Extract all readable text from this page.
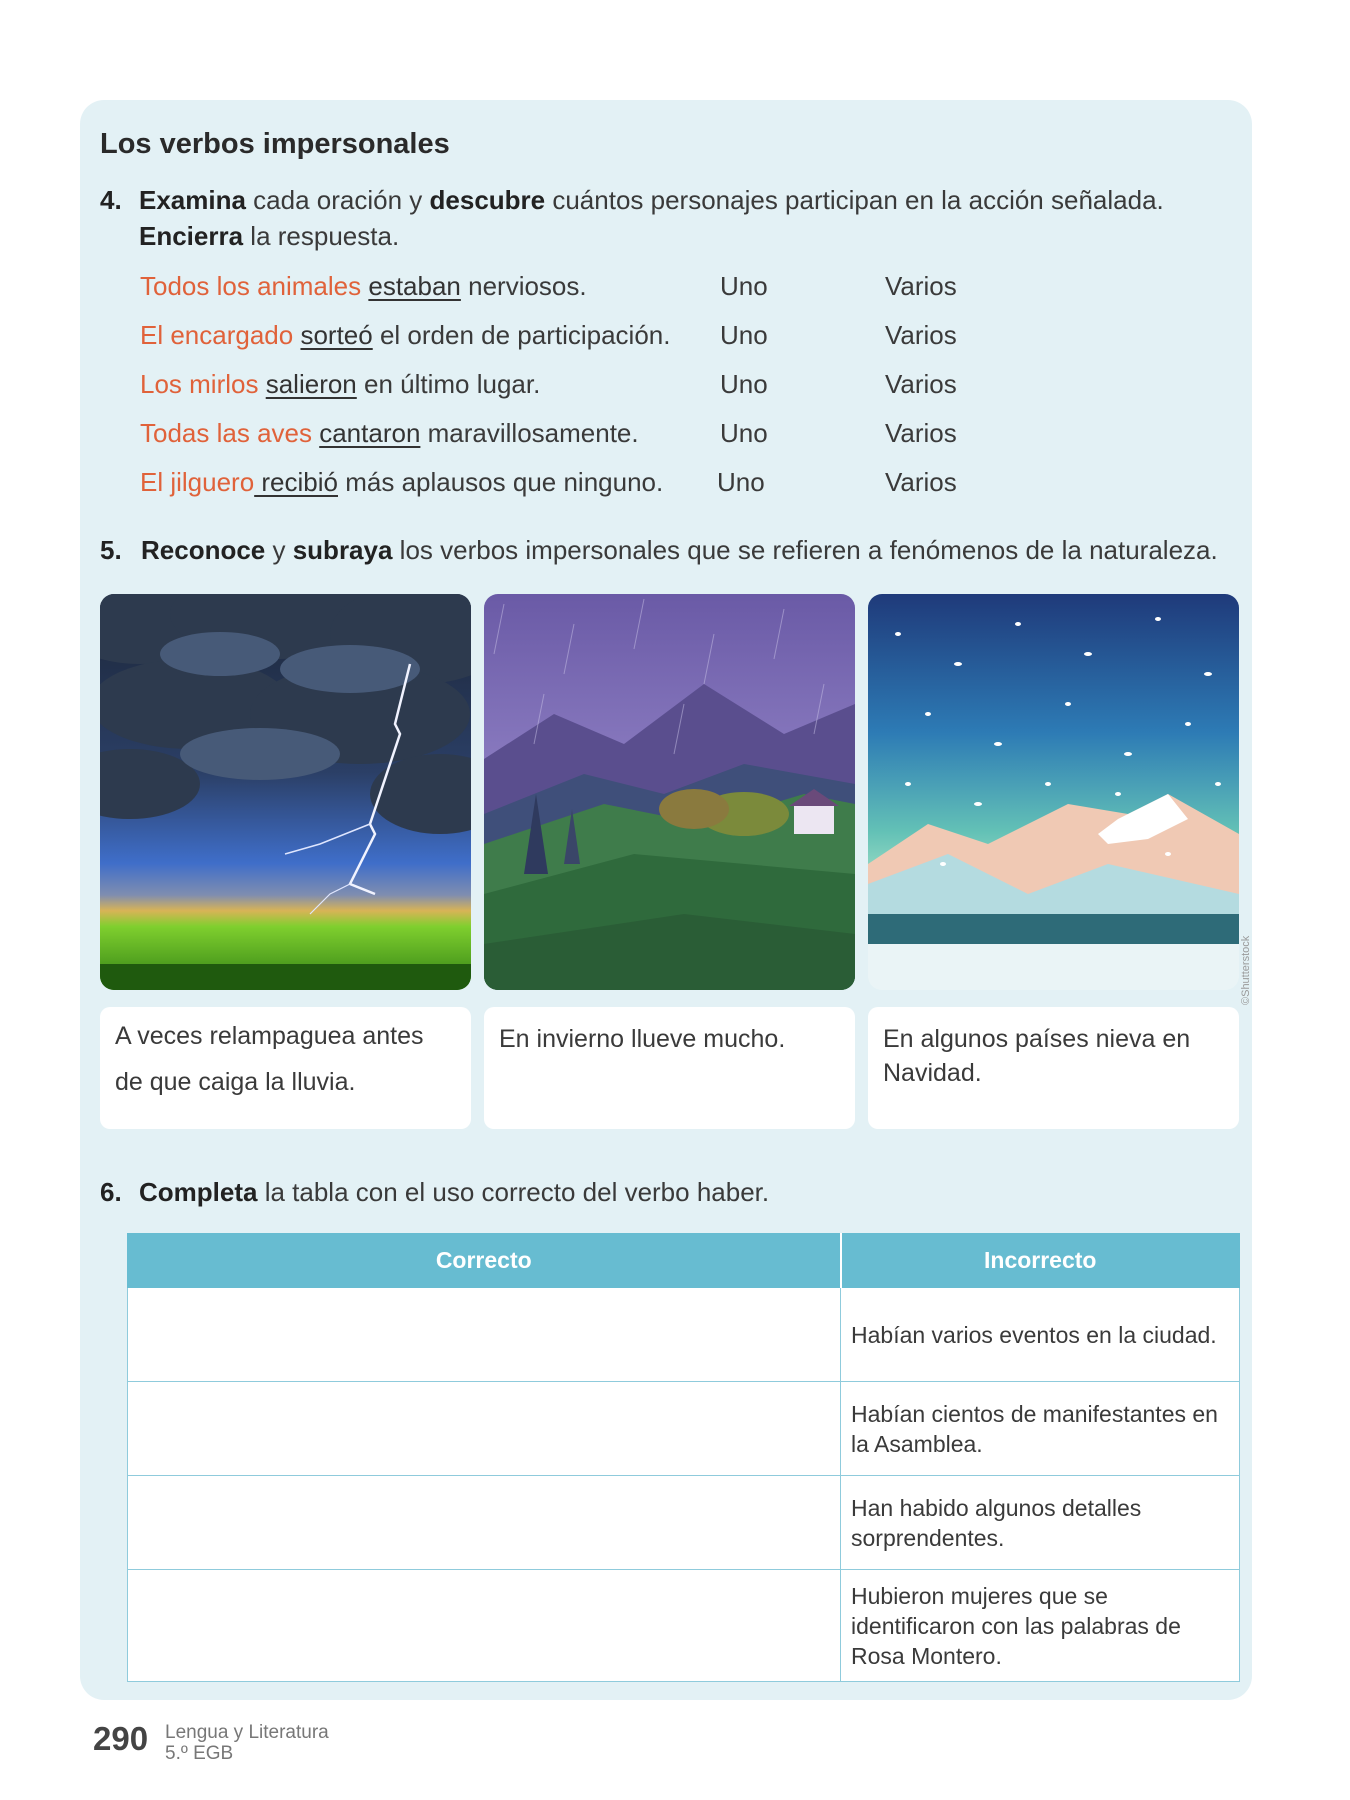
Los verbos impersonales
4. Examina cada oración y descubre cuántos personajes participan en la acción señalada.
Encierra la respuesta.
Todos los animales estaban nerviosos.	Uno	Varios
El encargado sorteó el orden de participación. Uno	Varios
Los mirlos salieron en último lugar.	Uno	Varios
Todas las aves cantaron maravillosamente.	Uno	Varios
El jilguero recibió más aplausos que ninguno. Uno	Varios
5. Reconoce y subraya los verbos impersonales que se refieren a fenómenos de la naturaleza.
©Shutterstock
A veces relampaguea antes de que caiga la lluvia.
En invierno llueve mucho.	En algunos países nieva en Navidad.
6. Completa la tabla con el uso correcto del verbo haber.
Correcto	Incorrecto
	Habían varios eventos en la ciudad.
	Habían cientos de manifestantes en la Asamblea.
	Han habido algunos detalles sorprendentes.
	Hubieron mujeres que se identificaron con las palabras de Rosa Montero.
290 Lengua y Literatura
5.º EGB
